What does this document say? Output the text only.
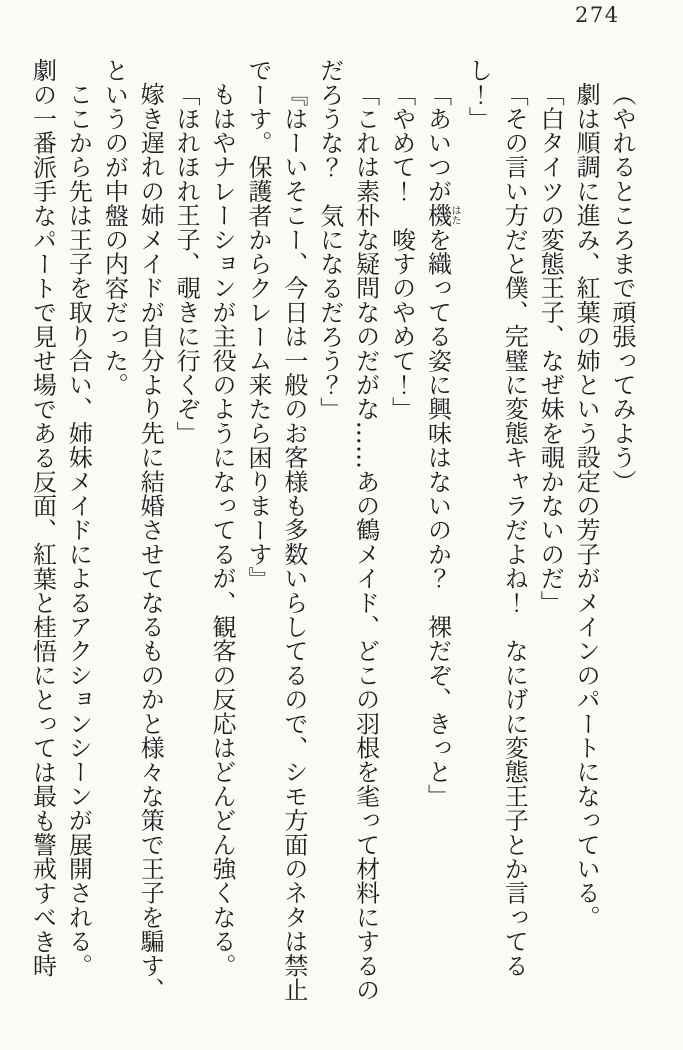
274
（やれるところまで頑張ってみよう）
劇は順調に進み、紅葉の姉という設定の芳子がメインのパートになっている。
「白タイツの変態王子、なぜ妹を覗かないのだ」
「その言い方だと僕、完璧に変態キャラだよね！　なにげに変態王子とか言ってる
し！」
「あいつが機はたを織ってる姿に興味はないのか？　裸だぞ、きっと」
「やめて！　唆すのやめて！」
「これは素朴な疑問なのだがな……あの鶴メイド、どこの羽根を毟って材料にするの
だろうな？　気になるだろう？」
『はーいそこー、今日は一般のお客様も多数いらしてるので、シモ方面のネタは禁止
でーす。保護者からクレーム来たら困りまーす』
もはやナレーションが主役のようになってるが、観客の反応はどんどん強くなる。
「ほれほれ王子、覗きに行くぞ」
嫁き遅れの姉メイドが自分より先に結婚させてなるものかと様々な策で王子を騙す、
というのが中盤の内容だった。
ここから先は王子を取り合い、姉妹メイドによるアクションシーンが展開される。
劇の一番派手なパートで見せ場である反面、紅葉と桂悟にとっては最も警戒すべき時
